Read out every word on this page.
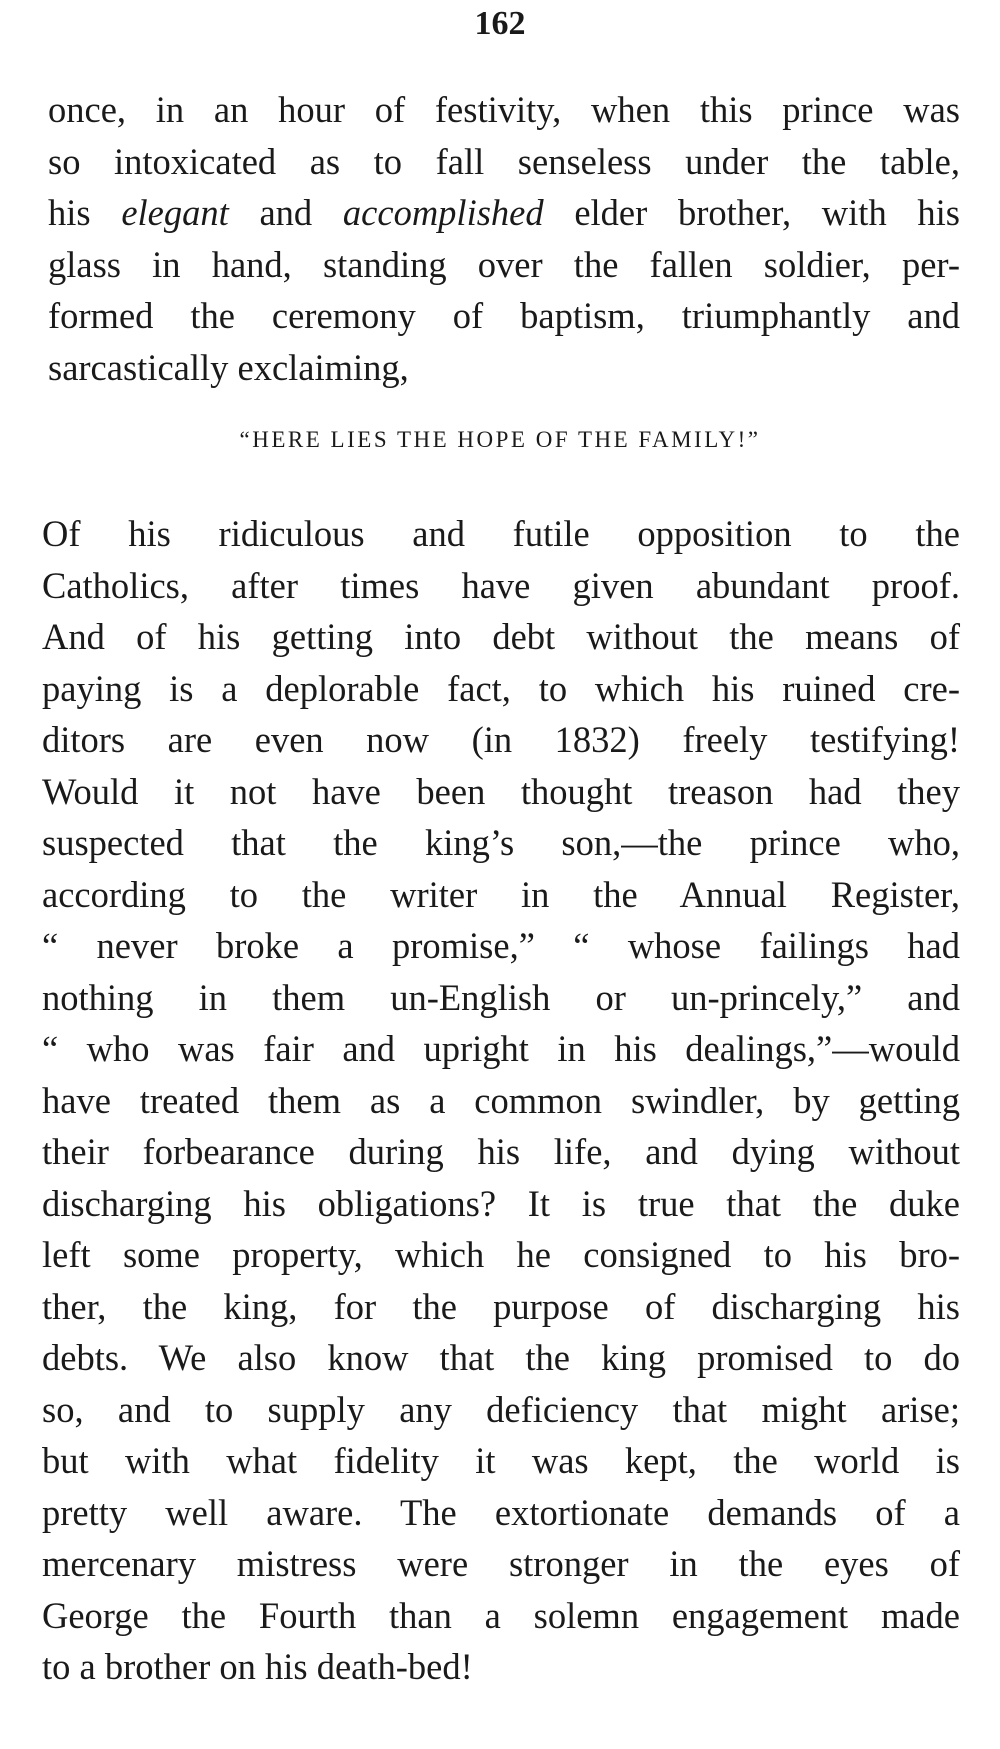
162

once, in an hour of festivity, when this prince was
so intoxicated as to fall senseless under the table,
his elegant and accomplished elder brother, with his
glass in hand, standing over the fallen soldier, per-
formed the ceremony of baptism, triumphantly and
sarcastically exclaiming,

“HERE LIES THE HOPE OF THE FAMILY!”

Of his ridiculous and futile opposition to the
Catholics, after times have given abundant proof.
And of his getting into debt without the means of
paying is a deplorable fact, to which his ruined cre-
ditors are even now (in 1832) freely testifying!
Would it not have been thought treason had they
suspected that the king’s son,—the prince who,
according to the writer in the Annual Register,
“ never broke a promise,” “ whose failings had
nothing in them un-English or un-princely,” and
“ who was fair and upright in his dealings,”—would
have treated them as a common swindler, by getting
their forbearance during his life, and dying without
discharging his obligations? It is true that the duke
left some property, which he consigned to his bro-
ther, the king, for the purpose of discharging his
debts. We also know that the king promised to do
so, and to supply any deficiency that might arise;
but with what fidelity it was kept, the world is
pretty well aware. The extortionate demands of a
mercenary mistress were stronger in the eyes of
George the Fourth than a solemn engagement made
to a brother on his death-bed!
